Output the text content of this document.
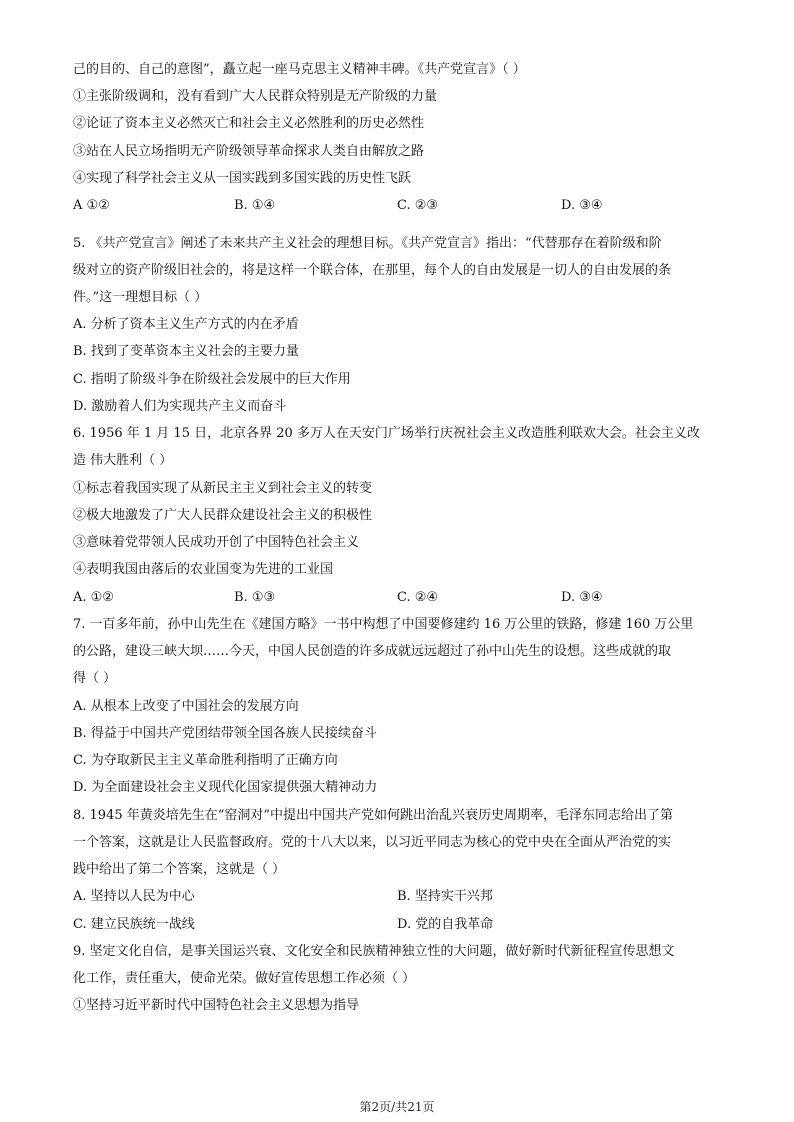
己的目的、自己的意图”，矗立起一座马克思主义精神丰碑。《共产党宣言》（ ）
①主张阶级调和，没有看到广大人民群众特别是无产阶级的力量
②论证了资本主义必然灭亡和社会主义必然胜利的历史必然性
③站在人民立场指明无产阶级领导革命探求人类自由解放之路
④实现了科学社会主义从一国实践到多国实践的历史性飞跃
A ①②	B. ①④	C. ②③	D. ③④
5. 《共产党宣言》阐述了未来共产主义社会的理想目标。《共产党宣言》指出：“代替那存在着阶级和阶
级对立的资产阶级旧社会的，将是这样一个联合体，在那里，每个人的自由发展是一切人的自由发展的条
件。”这一理想目标（ ）
A. 分析了资本主义生产方式的内在矛盾
B. 找到了变革资本主义社会的主要力量
C. 指明了阶级斗争在阶级社会发展中的巨大作用
D. 激励着人们为实现共产主义而奋斗
6. 1956 年 1 月 15 日，北京各界 20 多万人在天安门广场举行庆祝社会主义改造胜利联欢大会。社会主义改
造 伟大胜利（ ）
①标志着我国实现了从新民主主义到社会主义的转变
②极大地激发了广大人民群众建设社会主义的积极性
③意味着党带领人民成功开创了中国特色社会主义
④表明我国由落后的农业国变为先进的工业国
A. ①②	B. ①③	C. ②④	D. ③④
7. 一百多年前，孙中山先生在《建国方略》一书中构想了中国要修建约 16 万公里的铁路，修建 160 万公里
的公路，建设三峡大坝……今天，中国人民创造的许多成就远远超过了孙中山先生的设想。这些成就的取
得（ ）
A. 从根本上改变了中国社会的发展方向
B. 得益于中国共产党团结带领全国各族人民接续奋斗
C. 为夺取新民主主义革命胜利指明了正确方向
D. 为全面建设社会主义现代化国家提供强大精神动力
8. 1945 年黄炎培先生在“窑洞对”中提出中国共产党如何跳出治乱兴衰历史周期率，毛泽东同志给出了第
一个答案，这就是让人民监督政府。党的十八大以来，以习近平同志为核心的党中央在全面从严治党的实
践中给出了第二个答案，这就是（ ）
A. 坚持以人民为中心	B. 坚持实干兴邦
C. 建立民族统一战线	D. 党的自我革命
9. 坚定文化自信，是事关国运兴衰、文化安全和民族精神独立性的大问题，做好新时代新征程宣传思想文
化工作，责任重大，使命光荣。做好宣传思想工作必须（ ）
①坚持习近平新时代中国特色社会主义思想为指导
第2页/共21页
